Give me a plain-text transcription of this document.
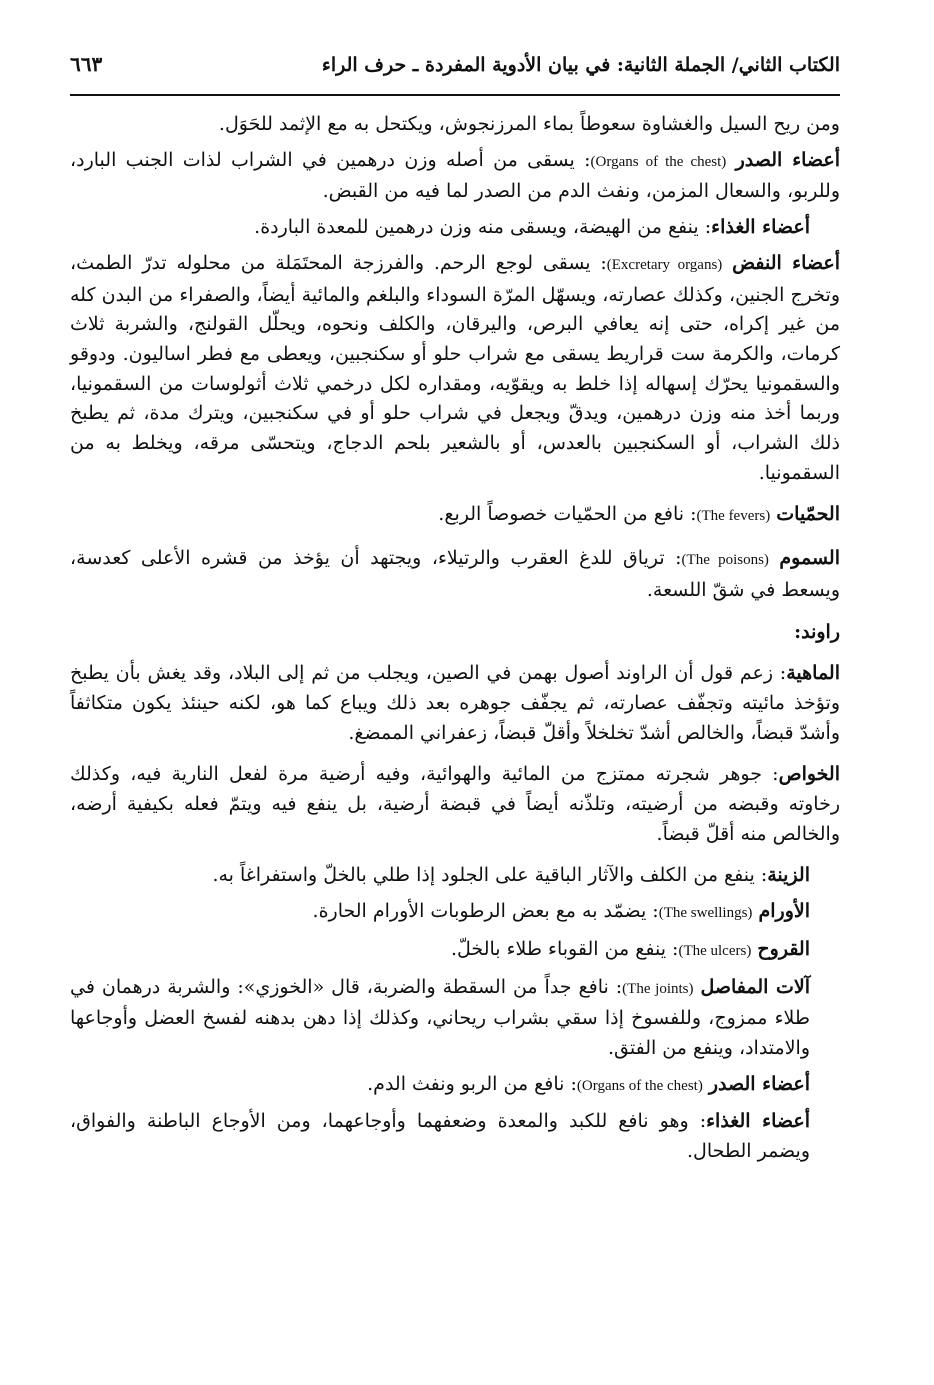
الكتاب الثاني/ الجملة الثانية: في بيان الأدوية المفردة ـ حرف الراء
٦٦٣

ومن ريح السيل والغشاوة سعوطاً بماء المرزنجوش، ويكتحل به مع الإثمد للحَوَل.

أعضاء الصدر (Organs of the chest): يسقى من أصله وزن درهمين في الشراب لذات الجنب البارد، وللربو، والسعال المزمن، ونفث الدم من الصدر لما فيه من القبض.

أعضاء الغذاء: ينفع من الهيضة، ويسقى منه وزن درهمين للمعدة الباردة.

أعضاء النفض (Excretary organs): يسقى لوجع الرحم. والفرزجة المحتَمَلة من محلوله تدرّ الطمث، وتخرج الجنين، وكذلك عصارته، ويسهّل المرّة السوداء والبلغم والمائية أيضاً، والصفراء من البدن كله من غير إكراه، حتى إنه يعافي البرص، واليرقان، والكلف ونحوه، ويحلّل القولنج، والشربة ثلاث كرمات، والكرمة ست قراريط يسقى مع شراب حلو أو سكنجبين، ويعطى مع فطر اساليون. ودوقو والسقمونيا يحرّك إسهاله إذا خلط به ويقوّيه، ومقداره لكل درخمي ثلاث أثولوسات من السقمونيا، وربما أخذ منه وزن درهمين، ويدقّ ويجعل في شراب حلو أو في سكنجبين، ويترك مدة، ثم يطبخ ذلك الشراب، أو السكنجبين بالعدس، أو بالشعير بلحم الدجاج، ويتحسّى مرقه، ويخلط به من السقمونيا.

الحمّيات (The fevers): نافع من الحمّيات خصوصاً الربع.

السموم (The poisons): ترياق للدغ العقرب والرتيلاء، ويجتهد أن يؤخذ من قشره الأعلى كعدسة، ويسعط في شقّ اللسعة.

راوند:

الماهية: زعم قول أن الراوند أصول بهمن في الصين، ويجلب من ثم إلى البلاد، وقد يغش بأن يطبخ وتؤخذ مائيته وتجفّف عصارته، ثم يجفّف جوهره بعد ذلك ويباع كما هو، لكنه حينئذ يكون متكاثفاً وأشدّ قبضاً، والخالص أشدّ تخلخلاً وأقلّ قبضاً، زعفراني الممضغ.

الخواص: جوهر شجرته ممتزج من المائية والهوائية، وفيه أرضية مرة لفعل النارية فيه، وكذلك رخاوته وقبضه من أرضيته، وتلذّنه أيضاً في قبضة أرضية، بل ينفع فيه ويتمّ فعله بكيفية أرضه، والخالص منه أقلّ قبضاً.

الزينة: ينفع من الكلف والآثار الباقية على الجلود إذا طلي بالخلّ واستفراغاً به.

الأورام (The swellings): يضمّد به مع بعض الرطوبات الأورام الحارة.

القروح (The ulcers): ينفع من القوباء طلاء بالخلّ.

آلات المفاصل (The joints): نافع جداً من السقطة والضربة، قال «الخوزي»: والشربة درهمان في طلاء ممزوج، وللفسوخ إذا سقي بشراب ريحاني، وكذلك إذا دهن بدهنه لفسخ العضل وأوجاعها والامتداد، وينفع من الفتق.

أعضاء الصدر (Organs of the chest): نافع من الربو ونفث الدم.

أعضاء الغذاء: وهو نافع للكبد والمعدة وضعفهما وأوجاعهما، ومن الأوجاع الباطنة والفواق، ويضمر الطحال.
